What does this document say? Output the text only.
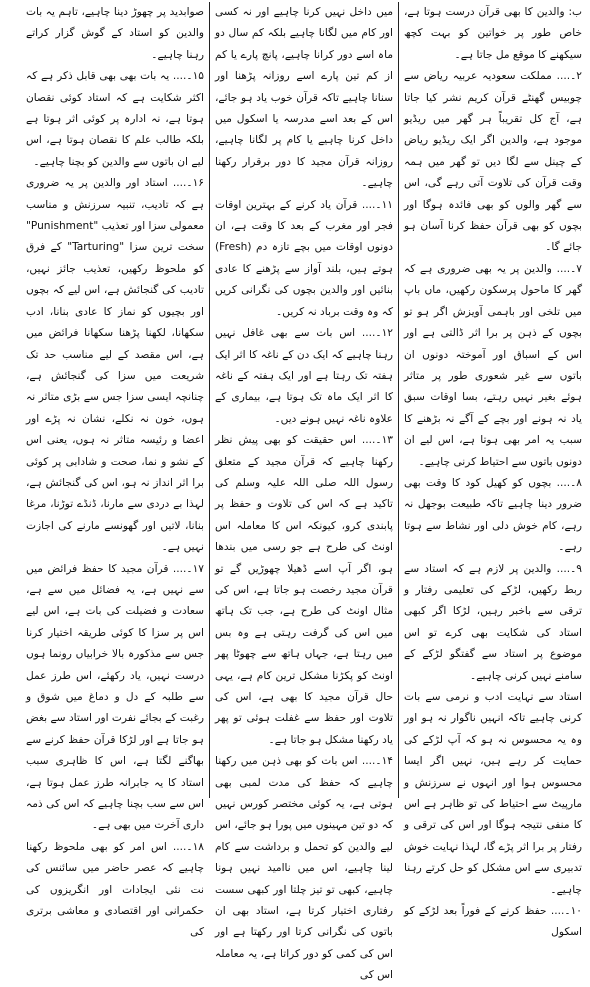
ب: والدین کا بھی قرآن درست ہوتا ہے، خاص طور پر خواتین کو بہت کچھ سیکھنے کا موقع مل جاتا ہے۔

۲۔.... مملکت سعودیہ عربیہ ریاض سے چوبیس گھنٹے قرآن کریم نشر کیا جاتا ہے، آج کل تقریباً ہر گھر میں ریڈیو موجود ہے، والدین اگر ایک ریڈیو ریاض کے چینل سے لگا دیں تو گھر میں ہمہ وقت قرآن کی تلاوت آتی رہے گی، اس سے گھر والوں کو بھی فائدہ ہوگا اور بچوں کو بھی قرآن حفظ کرنا آسان ہو جائے گا۔

۷۔.... والدین پر یہ بھی ضروری ہے کہ گھر کا ماحول پرسکون رکھیں، ماں باپ میں تلخی اور باہمی آویزش اگر ہو تو بچوں کے ذہن پر برا اثر ڈالتی ہے اور اس کے اسباق اور آموختہ دونوں ان باتوں سے غیر شعوری طور پر متاثر ہوئے بغیر نہیں رہتے، بسا اوقات سبق یاد نہ ہونے اور بچے کے آگے نہ بڑھنے کا سبب یہ امر بھی ہوتا ہے، اس لیے ان دونوں باتوں سے احتیاط کرنی چاہیے۔

۸۔.... بچوں کو کھیل کود کا وقت بھی ضرور دینا چاہیے تاکہ طبیعت بوجھل نہ رہے، کام خوش دلی اور نشاط سے ہوتا رہے۔

۹۔.... والدین پر لازم ہے کہ استاد سے ربط رکھیں، لڑکے کی تعلیمی رفتار و ترقی سے باخبر رہیں، لڑکا اگر کبھی استاد کی شکایت بھی کرے تو اس موضوع پر استاد سے گفتگو لڑکے کے سامنے نہیں کرنی چاہیے۔

استاد سے نہایت ادب و نرمی سے بات کرنی چاہیے تاکہ انہیں ناگوار نہ ہو اور وہ یہ محسوس نہ ہو کہ آپ لڑکے کی حمایت کر رہے ہیں، نہیں اگر ایسا محسوس ہوا اور انہوں نے سرزنش و مارپیٹ سے احتیاط کی تو ظاہر ہے اس کا منفی نتیجہ ہوگا اور اس کی ترقی و رفتار پر برا اثر پڑے گا، لہذا نہایت خوش تدبیری سے اس مشکل کو حل کرتے رہنا چاہیے۔

۱۰۔.... حفظ کرنے کے فوراً بعد لڑکے کو اسکول

میں داخل نہیں کرنا چاہیے اور نہ کسی اور کام میں لگانا چاہیے بلکہ کم سال دو ماہ اسے دور کرانا چاہیے، پانچ پارے یا کم از کم تین پارے اسے روزانہ پڑھنا اور سنانا چاہیے تاکہ قرآن خوب یاد ہو جائے، اس کے بعد اسے مدرسہ یا اسکول میں داخل کرنا چاہیے یا کام پر لگانا چاہیے، روزانہ قرآن مجید کا دور برقرار رکھنا چاہیے۔

۱۱۔.... قرآن یاد کرنے کے بہترین اوقات فجر اور مغرب کے بعد کا وقت ہے، ان دونوں اوقات میں بچے تازہ دم (Fresh) ہوتے ہیں، بلند آواز سے پڑھنے کا عادی بنائیں اور والدین بچوں کی نگرانی کریں کہ وہ وقت برباد نہ کریں۔

۱۲۔.... اس بات سے بھی غافل نہیں رہنا چاہیے کہ ایک دن کے ناغہ کا اثر ایک ہفتہ تک رہتا ہے اور ایک ہفتہ کے ناغہ کا اثر ایک ماہ تک ہوتا ہے، بیماری کے علاوہ ناغہ نہیں ہونے دیں۔

۱۳۔.... اس حقیقت کو بھی پیش نظر رکھنا چاہیے کہ قرآن مجید کے متعلق رسول اللہ صلی اللہ علیہ وسلم کی تاکید ہے کہ اس کی تلاوت و حفظ پر پابندی کرو، کیونکہ اس کا معاملہ اس اونٹ کی طرح ہے جو رسی میں بندھا ہو، اگر آپ اسے ڈھیلا چھوڑیں گے تو قرآن مجید رخصت ہو جاتا ہے، اس کی مثال اونٹ کی طرح ہے، جب تک ہاتھ میں اس کی گرفت رہتی ہے وہ بس میں رہتا ہے، جہاں ہاتھ سے چھوٹا پھر اونٹ کو پکڑنا مشکل ترین کام ہے، یہی حال قرآن مجید کا بھی ہے، اس کی تلاوت اور حفظ سے غفلت ہوئی تو پھر یاد رکھنا مشکل ہو جاتا ہے۔

۱۴۔.... اس بات کو بھی ذہن میں رکھنا چاہیے کہ حفظ کی مدت لمبی بھی ہوتی ہے، یہ کوئی مختصر کورس نہیں کہ دو تین مہینوں میں پورا ہو جائے، اس لیے والدین کو تحمل و برداشت سے کام لینا چاہیے، اس میں ناامید نہیں ہونا چاہیے، کبھی تو تیز چلتا اور کبھی سست رفتاری اختیار کرتا ہے، استاد بھی ان باتوں کی نگرانی کرتا اور رکھتا ہے اور اس کی کمی کو دور کراتا ہے، یہ معاملہ اس کی

صوابدید پر چھوڑ دینا چاہیے، تاہم یہ بات والدین کو استاد کے گوش گزار کراتے رہنا چاہیے۔

۱۵۔.... یہ بات بھی بھی قابل ذکر ہے کہ اکثر شکایت ہے کہ استاد کوئی نقصان ہوتا ہے، نہ ادارہ پر کوئی اثر ہوتا ہے بلکہ طالب علم کا نقصان ہوتا ہے، اس لیے ان باتوں سے والدین کو بچنا چاہیے۔

۱۶۔.... استاد اور والدین پر یہ ضروری ہے کہ تادیب، تنبیہ سرزنش و مناسب معمولی سزا اور تعذیب "Punishment" سخت ترین سزا "Tarturing" کے فرق کو ملحوظ رکھیں، تعذیب جائز نہیں، تادیب کی گنجائش ہے، اس لیے کہ بچوں اور بچیوں کو نماز کا عادی بنانا، ادب سکھانا، لکھنا پڑھنا سکھانا فرائض میں ہے، اس مقصد کے لیے مناسب حد تک شریعت میں سزا کی گنجائش ہے، چنانچہ ایسی سزا جس سے بڑی متاثر نہ ہوں، خون نہ نکلے، نشان نہ پڑے اور اعضا و رئیسہ متاثر نہ ہوں، یعنی اس کے نشو و نما، صحت و شادابی پر کوئی برا اثر انداز نہ ہو، اس کی گنجائش ہے، لہذا بے دردی سے مارنا، ڈنڈے توڑنا، مرغا بنانا، لاتیں اور گھونسے مارنے کی اجازت نہیں ہے۔

۱۷۔.... قرآن مجید کا حفظ فرائض میں سے نہیں ہے، یہ فضائل میں سے ہے، سعادت و فضیلت کی بات ہے، اس لیے اس پر سزا کا کوئی طریقہ اختیار کرنا جس سے مذکورہ بالا خرابیاں رونما ہوں درست نہیں، یاد رکھئے، اس طرز عمل سے طلبہ کے دل و دماغ میں شوق و رغبت کے بجائے نفرت اور استاد سے بغض ہو جاتا ہے اور لڑکا قرآن حفظ کرنے سے بھاگنے لگتا ہے، اس کا ظاہری سبب استاد کا یہ جابرانہ طرز عمل ہوتا ہے، اس سے سب بچنا چاہیے کہ اس کی ذمہ داری آخرت میں بھی ہے۔

۱۸۔.... اس امر کو بھی ملحوظ رکھنا چاہیے کہ عصر حاضر میں سائنس کی نت نئی ایجادات اور انگریزوں کی حکمرانی اور اقتصادی و معاشی برتری کی
